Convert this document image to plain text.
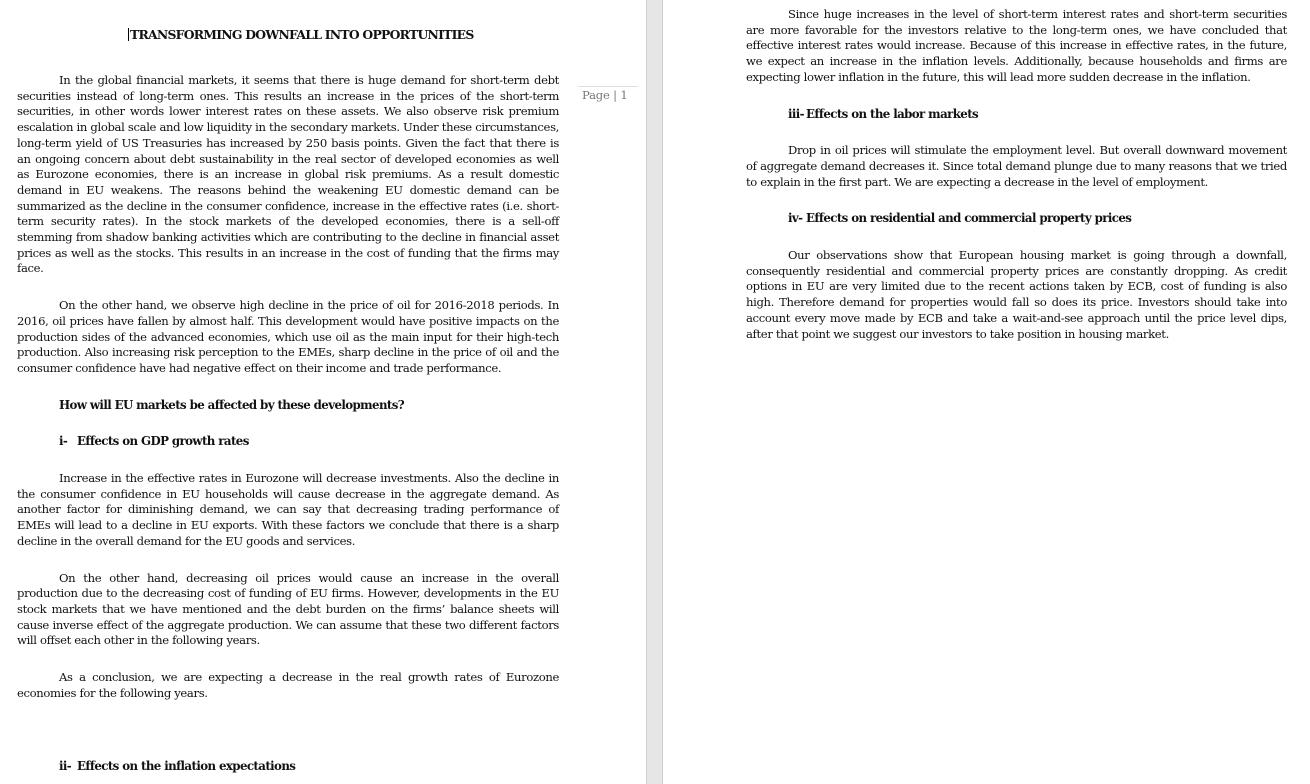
TRANSFORMING DOWNFALL INTO OPPORTUNITIES

In the global financial markets, it seems that there is huge demand for short-term debt securities instead of long-term ones. This results an increase in the prices of the short-term securities, in other words lower interest rates on these assets. We also observe risk premium escalation in global scale and low liquidity in the secondary markets. Under these circumstances, long-term yield of US Treasuries has increased by 250 basis points. Given the fact that there is an ongoing concern about debt sustainability in the real sector of developed economies as well as Eurozone economies, there is an increase in global risk premiums. As a result domestic demand in EU weakens. The reasons behind the weakening EU domestic demand can be summarized as the decline in the consumer confidence, increase in the effective rates (i.e. short-term security rates). In the stock markets of the developed economies, there is a sell-off stemming from shadow banking activities which are contributing to the decline in financial asset prices as well as the stocks. This results in an increase in the cost of funding that the firms may face.

On the other hand, we observe high decline in the price of oil for 2016-2018 periods. In 2016, oil prices have fallen by almost half. This development would have positive impacts on the production sides of the advanced economies, which use oil as the main input for their high-tech production. Also increasing risk perception to the EMEs, sharp decline in the price of oil and the consumer confidence have had negative effect on their income and trade performance.

How will EU markets be affected by these developments?
i- Effects on GDP growth rates

Increase in the effective rates in Eurozone will decrease investments. Also the decline in the consumer confidence in EU households will cause decrease in the aggregate demand. As another factor for diminishing demand, we can say that decreasing trading performance of EMEs will lead to a decline in EU exports. With these factors we conclude that there is a sharp decline in the overall demand for the EU goods and services.

On the other hand, decreasing oil prices would cause an increase in the overall production due to the decreasing cost of funding of EU firms. However, developments in the EU stock markets that we have mentioned and the debt burden on the firms’ balance sheets will cause inverse effect of the aggregate production. We can assume that these two different factors will offset each other in the following years.

As a conclusion, we are expecting a decrease in the real growth rates of Eurozone economies for the following years.

ii- Effects on the inflation expectations
Page | 1

Since huge increases in the level of short-term interest rates and short-term securities are more favorable for the investors relative to the long-term ones, we have concluded that effective interest rates would increase. Because of this increase in effective rates, in the future, we expect an increase in the inflation levels. Additionally, because households and firms are expecting lower inflation in the future, this will lead more sudden decrease in the inflation.

iii- Effects on the labor markets

Drop in oil prices will stimulate the employment level. But overall downward movement of aggregate demand decreases it. Since total demand plunge due to many reasons that we tried to explain in the first part. We are expecting a decrease in the level of employment.

iv- Effects on residential and commercial property prices

Our observations show that European housing market is going through a downfall, consequently residential and commercial property prices are constantly dropping. As credit options in EU are very limited due to the recent actions taken by ECB, cost of funding is also high. Therefore demand for properties would fall so does its price. Investors should take into account every move made by ECB and take a wait-and-see approach until the price level dips, after that point we suggest our investors to take position in housing market.
